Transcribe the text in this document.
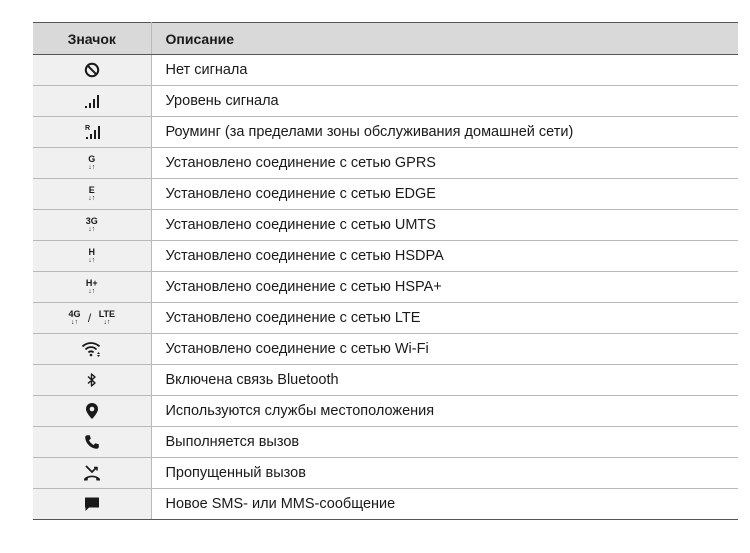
Значок	Описание

	Нет сигнала

	Уровень сигнала

R	Роуминг (за пределами зоны обслуживания домашней сети)
G
↓↑	Установлено соединение с сетью GPRS
E
↓↑	Установлено соединение с сетью EDGE
3G
↓↑	Установлено соединение с сетью UMTS
H
↓↑	Установлено соединение с сетью HSDPA
H+
↓↑	Установлено соединение с сетью HSPA+
4G
↓↑ / LTE
↓↑	Установлено соединение с сетью LTE

	Установлено соединение с сетью Wi-Fi

	Включена связь Bluetooth

	Используются службы местоположения

	Выполняется вызов

	Пропущенный вызов

	Новое SMS- или MMS-сообщение
